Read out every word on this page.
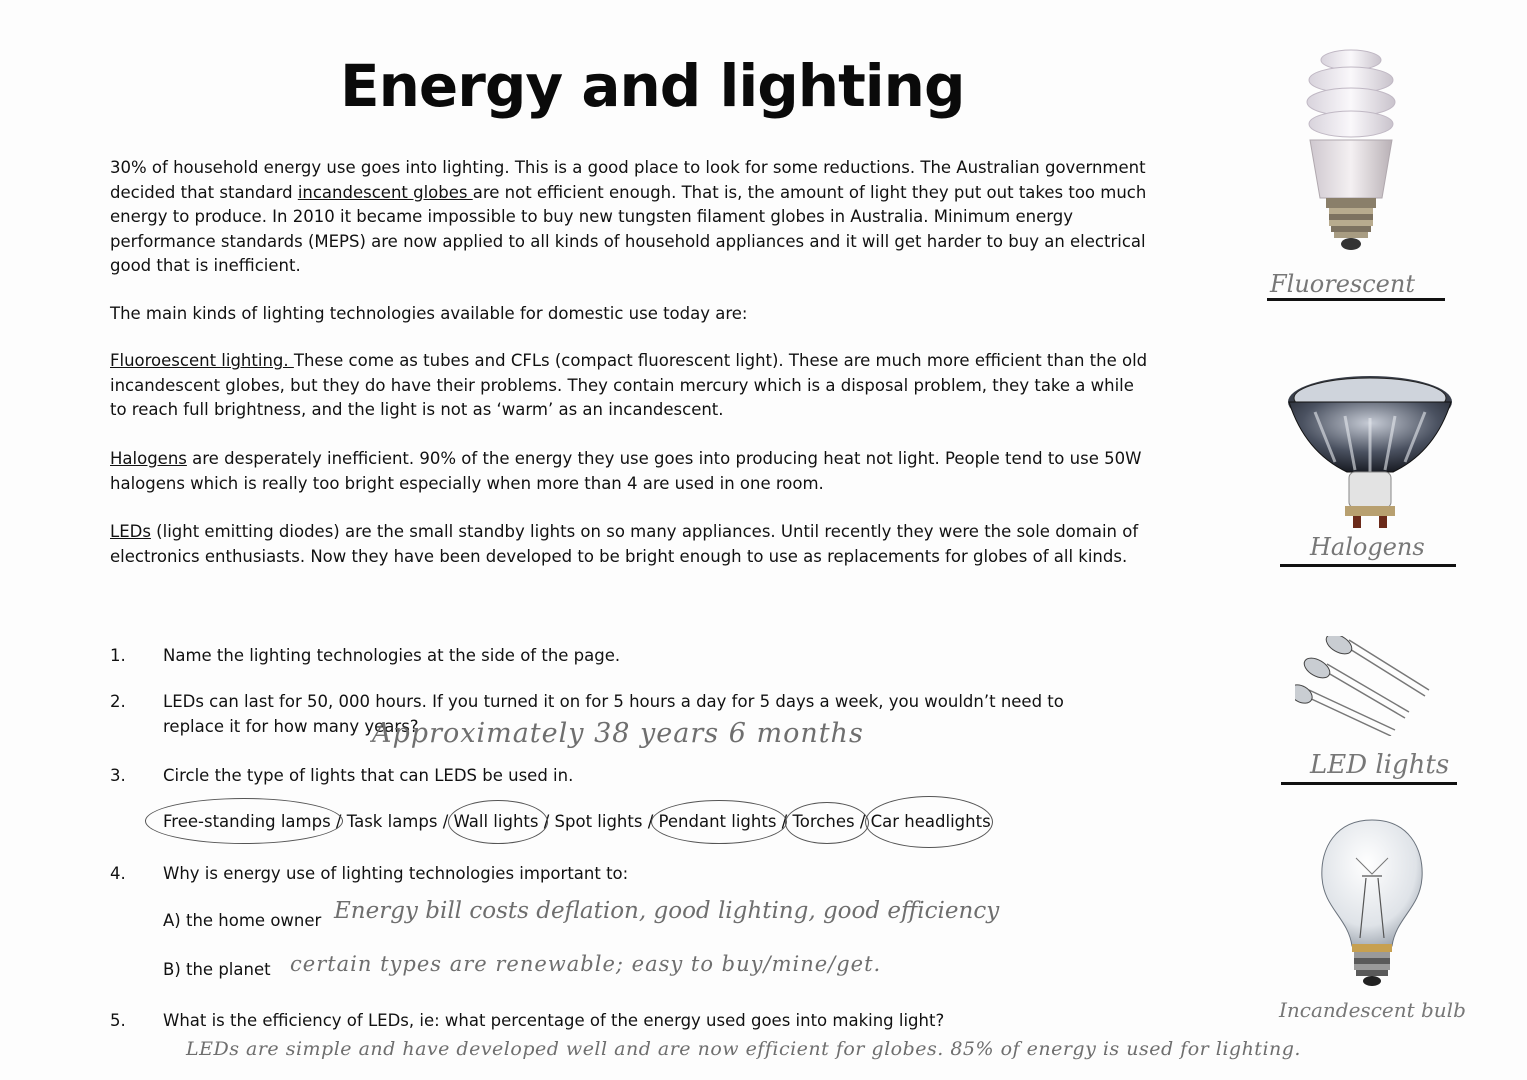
Energy and lighting

30% of household energy use goes into lighting. This is a good place to look for some reductions. The Australian government decided that standard incandescent globes are not efficient enough. That is, the amount of light they put out takes too much energy to produce. In 2010 it became impossible to buy new tungsten filament globes in Australia. Minimum energy performance standards (MEPS) are now applied to all kinds of household appliances and it will get harder to buy an electrical good that is inefficient.

The main kinds of lighting technologies available for domestic use today are:

Fluoroescent lighting. These come as tubes and CFLs (compact fluorescent light). These are much more efficient than the old incandescent globes, but they do have their problems. They contain mercury which is a disposal problem, they take a while to reach full brightness, and the light is not as ‘warm’ as an incandescent.

Halogens are desperately inefficient. 90% of the energy they use goes into producing heat not light. People tend to use 50W halogens which is really too bright especially when more than 4 are used in one room.

LEDs (light emitting diodes) are the small standby lights on so many appliances. Until recently they were the sole domain of electronics enthusiasts. Now they have been developed to be bright enough to use as replacements for globes of all kinds.

1. Name the lighting technologies at the side of the page.
2. LEDs can last for 50, 000 hours. If you turned it on for 5 hours a day for 5 days a week, you wouldn’t need to replace it for how many years?
Approximately 38 years 6 months
3. Circle the type of lights that can LEDS be used in.
Free-standing lamps / Task lamps /
Wall lights / Spot lights /
Pendant lights /
Torches /
Car headlights
4. Why is energy use of lighting technologies important to:
A) the home owner Energy bill costs deflation, good lighting, good efficiency
B) the planet certain types are renewable; easy to buy/mine/get.
5. What is the efficiency of LEDs, ie: what percentage of the energy used goes into making light?
LEDs are simple and have developed well and are now efficient for globes. 85% of energy is used for lighting.
Fluorescent
Halogens
LED lights
Incandescent bulb
